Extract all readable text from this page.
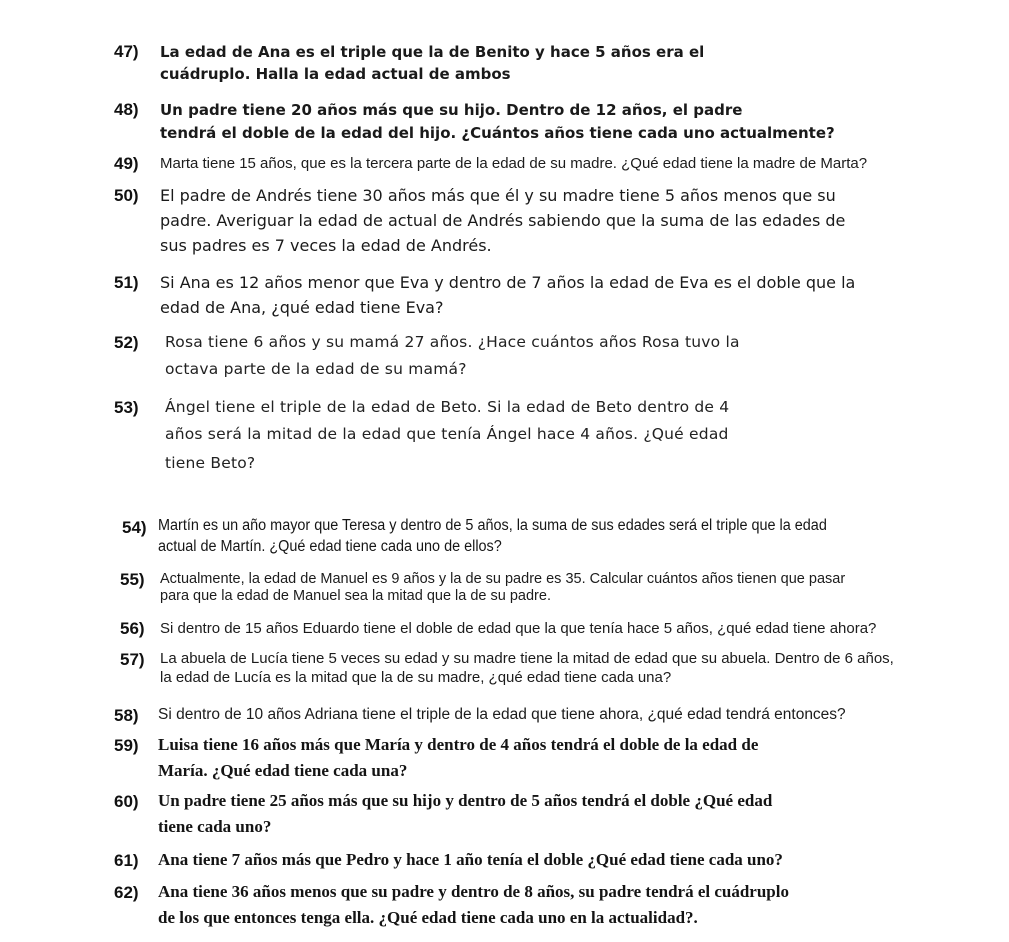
47) La edad de Ana es el triple que la de Benito y hace 5 años era el
cuádruplo. Halla la edad actual de ambos
48) Un padre tiene 20 años más que su hijo. Dentro de 12 años, el padre
tendrá el doble de la edad del hijo. ¿Cuántos años tiene cada uno actualmente?
49) Marta tiene 15 años, que es la tercera parte de la edad de su madre. ¿Qué edad tiene la madre de Marta?
50) El padre de Andrés tiene 30 años más que él y su madre tiene 5 años menos que su
padre. Averiguar la edad de actual de Andrés sabiendo que la suma de las edades de
sus padres es 7 veces la edad de Andrés.
51) Si Ana es 12 años menor que Eva y dentro de 7 años la edad de Eva es el doble que la
edad de Ana, ¿qué edad tiene Eva?
52) Rosa tiene 6 años y su mamá 27 años. ¿Hace cuántos años Rosa tuvo la
octava parte de la edad de su mamá?
53) Ángel tiene el triple de la edad de Beto. Si la edad de Beto dentro de 4
años será la mitad de la edad que tenía Ángel hace 4 años. ¿Qué edad
tiene Beto?
54) Martín es un año mayor que Teresa y dentro de 5 años, la suma de sus edades será el triple que la edad
actual de Martín. ¿Qué edad tiene cada uno de ellos?
55) Actualmente, la edad de Manuel es 9 años y la de su padre es 35. Calcular cuántos años tienen que pasar
para que la edad de Manuel sea la mitad que la de su padre.
56) Si dentro de 15 años Eduardo tiene el doble de edad que la que tenía hace 5 años, ¿qué edad tiene ahora?
57) La abuela de Lucía tiene 5 veces su edad y su madre tiene la mitad de edad que su abuela. Dentro de 6 años,
la edad de Lucía es la mitad que la de su madre, ¿qué edad tiene cada una?
58) Si dentro de 10 años Adriana tiene el triple de la edad que tiene ahora, ¿qué edad tendrá entonces?
59) Luisa tiene 16 años más que María y dentro de 4 años tendrá el doble de la edad de
María. ¿Qué edad tiene cada una?
60) Un padre tiene 25 años más que su hijo y dentro de 5 años tendrá el doble ¿Qué edad
tiene cada uno?
61) Ana tiene 7 años más que Pedro y hace 1 año tenía el doble ¿Qué edad tiene cada uno?
62) Ana tiene 36 años menos que su padre y dentro de 8 años, su padre tendrá el cuádruplo
de los que entonces tenga ella. ¿Qué edad tiene cada uno en la actualidad?.
